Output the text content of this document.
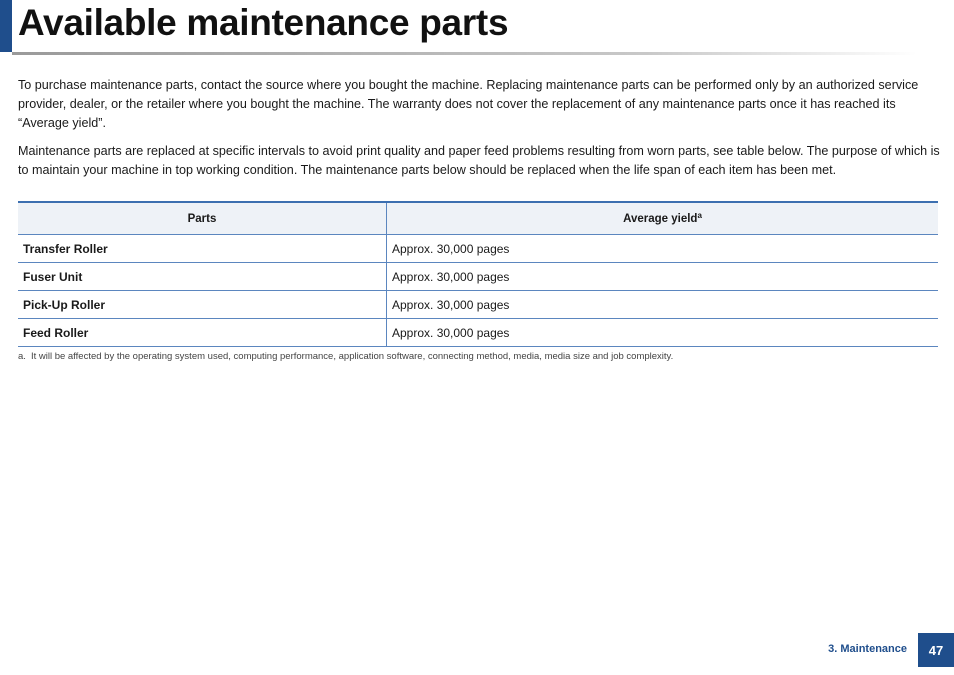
Available maintenance parts

To purchase maintenance parts, contact the source where you bought the machine. Replacing maintenance parts can be performed only by an authorized service provider, dealer, or the retailer where you bought the machine. The warranty does not cover the replacement of any maintenance parts once it has reached its “Average yield”.

Maintenance parts are replaced at specific intervals to avoid print quality and paper feed problems resulting from worn parts, see table below. The purpose of which is to maintain your machine in top working condition. The maintenance parts below should be replaced when the life span of each item has been met.

Parts	Average yield$^a$
Transfer Roller	Approx. 30,000 pages
Fuser Unit	Approx. 30,000 pages
Pick-Up Roller	Approx. 30,000 pages
Feed Roller	Approx. 30,000 pages
a. It will be affected by the operating system used, computing performance, application software, connecting method, media, media size and job complexity.
3. Maintenance	47
